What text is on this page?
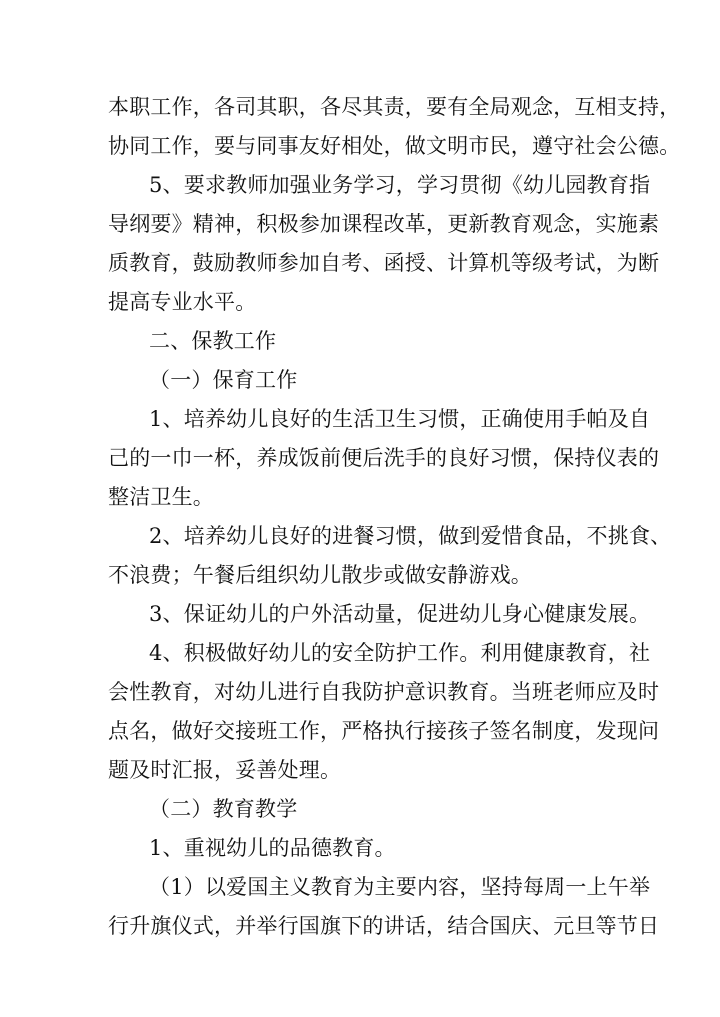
本职工作，各司其职，各尽其责，要有全局观念，互相支持，
协同工作，要与同事友好相处，做文明市民，遵守社会公德。
5、要求教师加强业务学习，学习贯彻《幼儿园教育指
导纲要》精神，积极参加课程改革，更新教育观念，实施素
质教育，鼓励教师参加自考、函授、计算机等级考试，为断
提高专业水平。
二、保教工作
（一）保育工作
1、培养幼儿良好的生活卫生习惯，正确使用手帕及自
己的一巾一杯，养成饭前便后洗手的良好习惯，保持仪表的
整洁卫生。
2、培养幼儿良好的进餐习惯，做到爱惜食品，不挑食、
不浪费；午餐后组织幼儿散步或做安静游戏。
3、保证幼儿的户外活动量，促进幼儿身心健康发展。
4、积极做好幼儿的安全防护工作。利用健康教育，社
会性教育，对幼儿进行自我防护意识教育。当班老师应及时
点名，做好交接班工作，严格执行接孩子签名制度，发现问
题及时汇报，妥善处理。
（二）教育教学
1、重视幼儿的品德教育。
（1）以爱国主义教育为主要内容，坚持每周一上午举
行升旗仪式，并举行国旗下的讲话，结合国庆、元旦等节日
